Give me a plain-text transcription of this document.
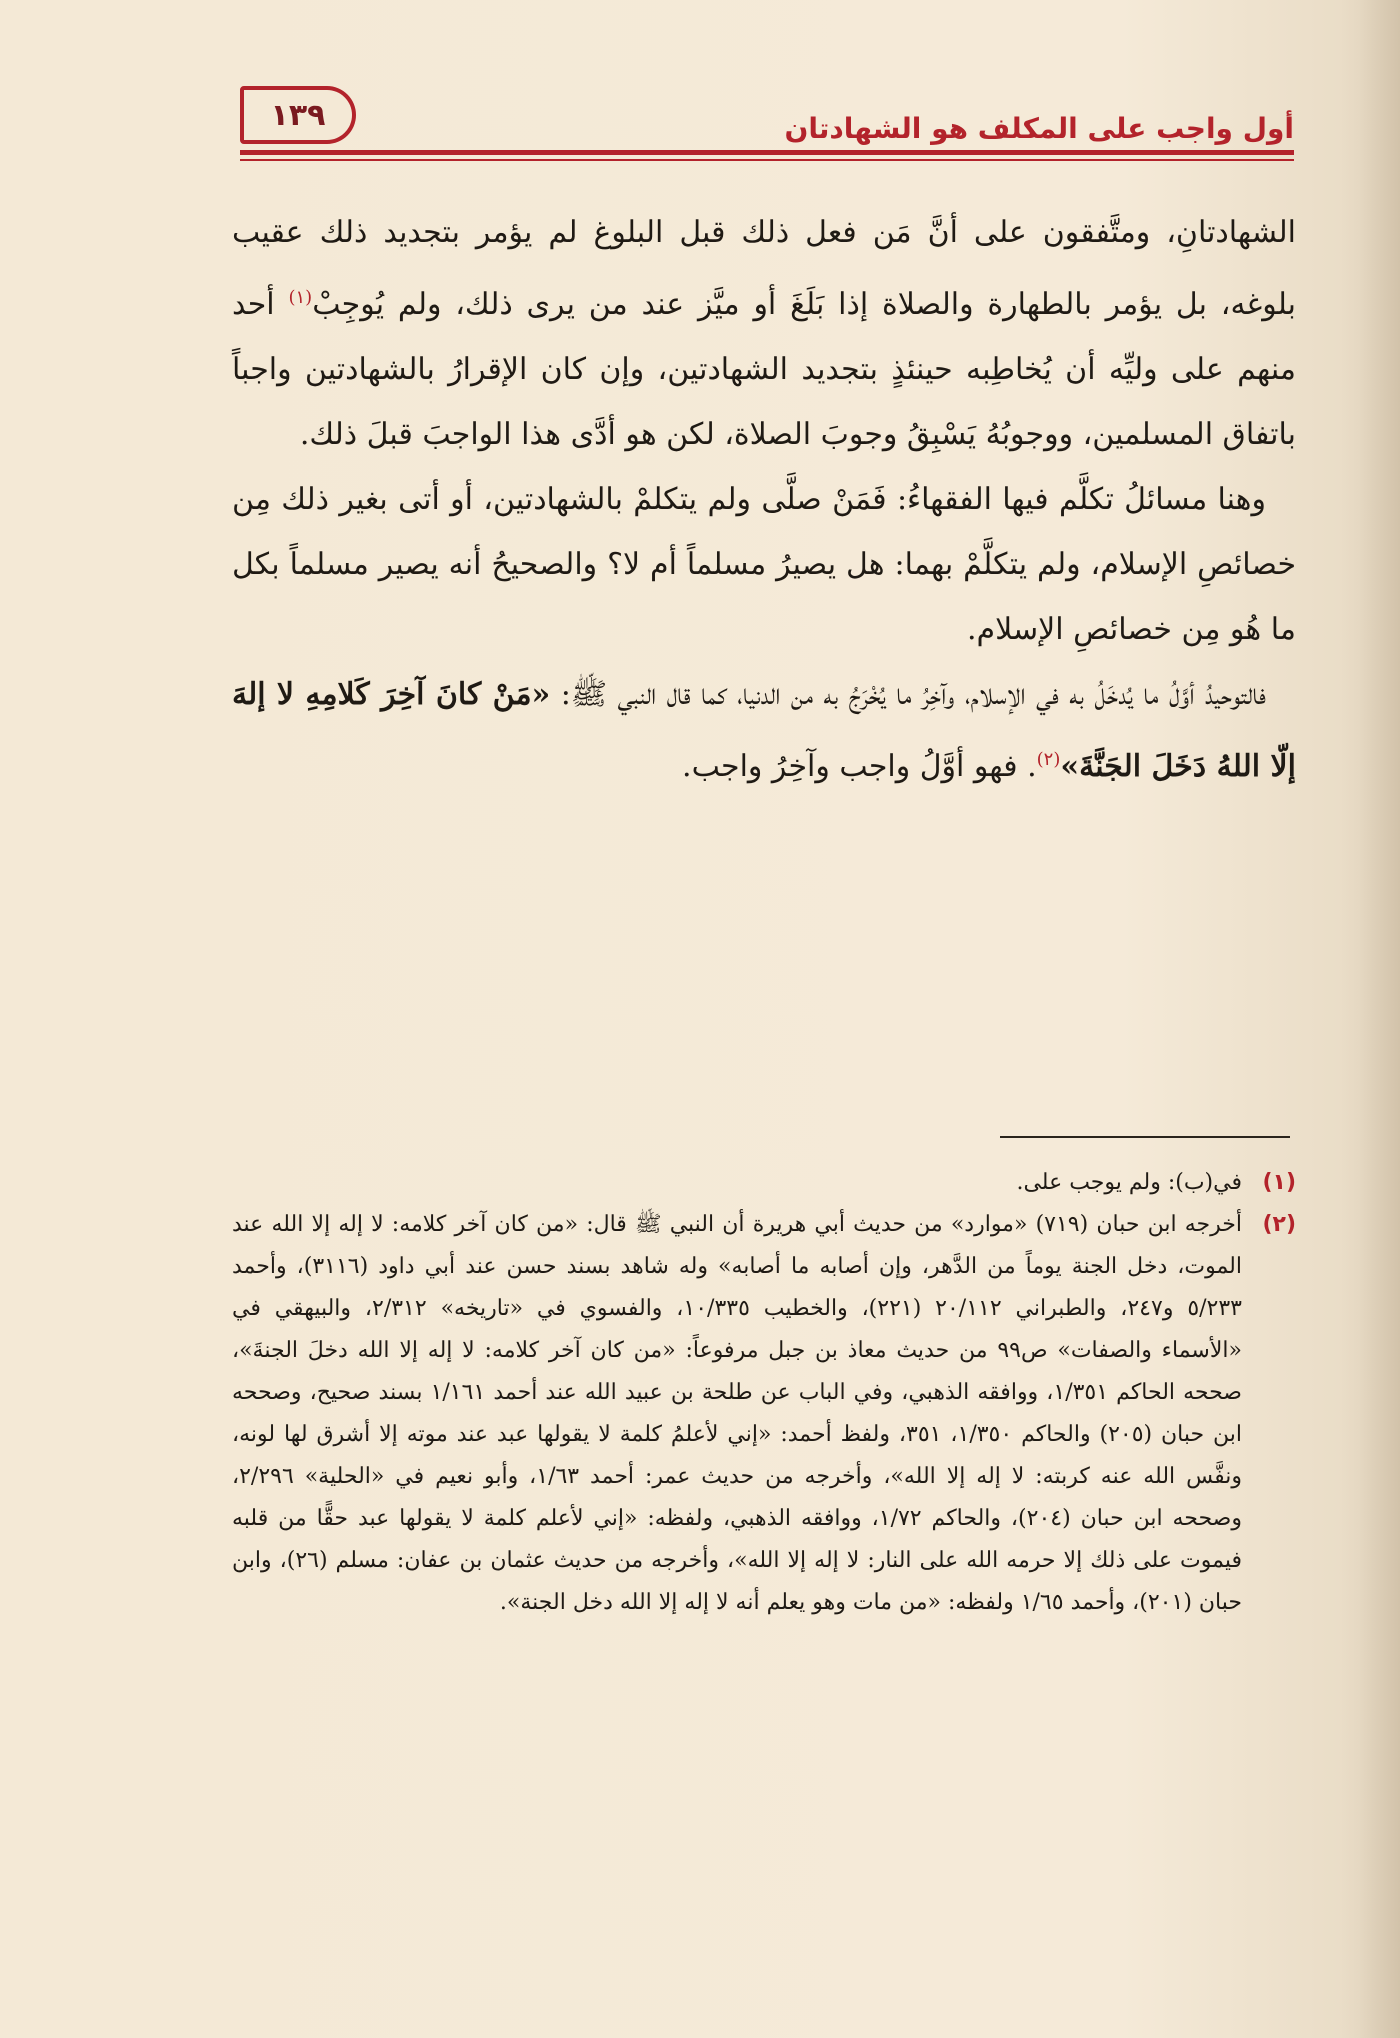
١٣٩	أول واجب على المكلف هو الشهادتان

الشهادتانِ، ومتَّفقون على أنَّ مَن فعل ذلك قبل البلوغ لم يؤمر بتجديد ذلك عقيب بلوغه، بل يؤمر بالطهارة والصلاة إذا بَلَغَ أو ميَّز عند من يرى ذلك، ولم يُوجِبْ$^{(١)}$ أحد منهم على وليِّه أن يُخاطِبه حينئذٍ بتجديد الشهادتين، وإن كان الإقرارُ بالشهادتين واجباً باتفاق المسلمين، ووجوبُهُ يَسْبِقُ وجوبَ الصلاة، لكن هو أدَّى هذا الواجبَ قبلَ ذلك.

وهنا مسائلُ تكلَّم فيها الفقهاءُ: فَمَنْ صلَّى ولم يتكلمْ بالشهادتين، أو أتى بغير ذلك مِن خصائصِ الإسلام، ولم يتكلَّمْ بهما: هل يصيرُ مسلماً أم لا؟ والصحيحُ أنه يصير مسلماً بكل ما هُو مِن خصائصِ الإسلام.

فالتوحيدُ أوَّلُ ما يُدخَلُ به في الإسلام، وآخِرُ ما يُخْرَجُ به من الدنيا، كما قال النبي ﷺ: «مَنْ كانَ آخِرَ كَلامِهِ لا إلهَ إلّا اللهُ دَخَلَ الجَنَّةَ»$^{(٢)}$. فهو أوَّلُ واجب وآخِرُ واجب.

(١)
في(ب): ولم يوجب على.
(٢)
أخرجه ابن حبان (٧١٩) «موارد» من حديث أبي هريرة أن النبي ﷺ قال: «من كان آخر كلامه: لا إله إلا الله عند الموت، دخل الجنة يوماً من الدَّهر، وإن أصابه ما أصابه» وله شاهد بسند حسن عند أبي داود (٣١١٦)، وأحمد ٥/٢٣٣ و٢٤٧، والطبراني ٢٠/١١٢ (٢٢١)، والخطيب ١٠/٣٣٥، والفسوي في «تاريخه» ٢/٣١٢، والبيهقي في «الأسماء والصفات» ص٩٩ من حديث معاذ بن جبل مرفوعاً: «من كان آخر كلامه: لا إله إلا الله دخلَ الجنةَ»، صححه الحاكم ١/٣٥١، ووافقه الذهبي، وفي الباب عن طلحة بن عبيد الله عند أحمد ١/١٦١ بسند صحيح، وصححه ابن حبان (٢٠٥) والحاكم ١/٣٥٠، ٣٥١، ولفظ أحمد: «إني لأعلمُ كلمة لا يقولها عبد عند موته إلا أشرق لها لونه، ونفَّس الله عنه كربته: لا إله إلا الله»، وأخرجه من حديث عمر: أحمد ١/٦٣، وأبو نعيم في «الحلية» ٢/٢٩٦، وصححه ابن حبان (٢٠٤)، والحاكم ١/٧٢، ووافقه الذهبي، ولفظه: «إني لأعلم كلمة لا يقولها عبد حقًّا من قلبه فيموت على ذلك إلا حرمه الله على النار: لا إله إلا الله»، وأخرجه من حديث عثمان بن عفان: مسلم (٢٦)، وابن حبان (٢٠١)، وأحمد ١/٦٥ ولفظه: «من مات وهو يعلم أنه لا إله إلا الله دخل الجنة».
